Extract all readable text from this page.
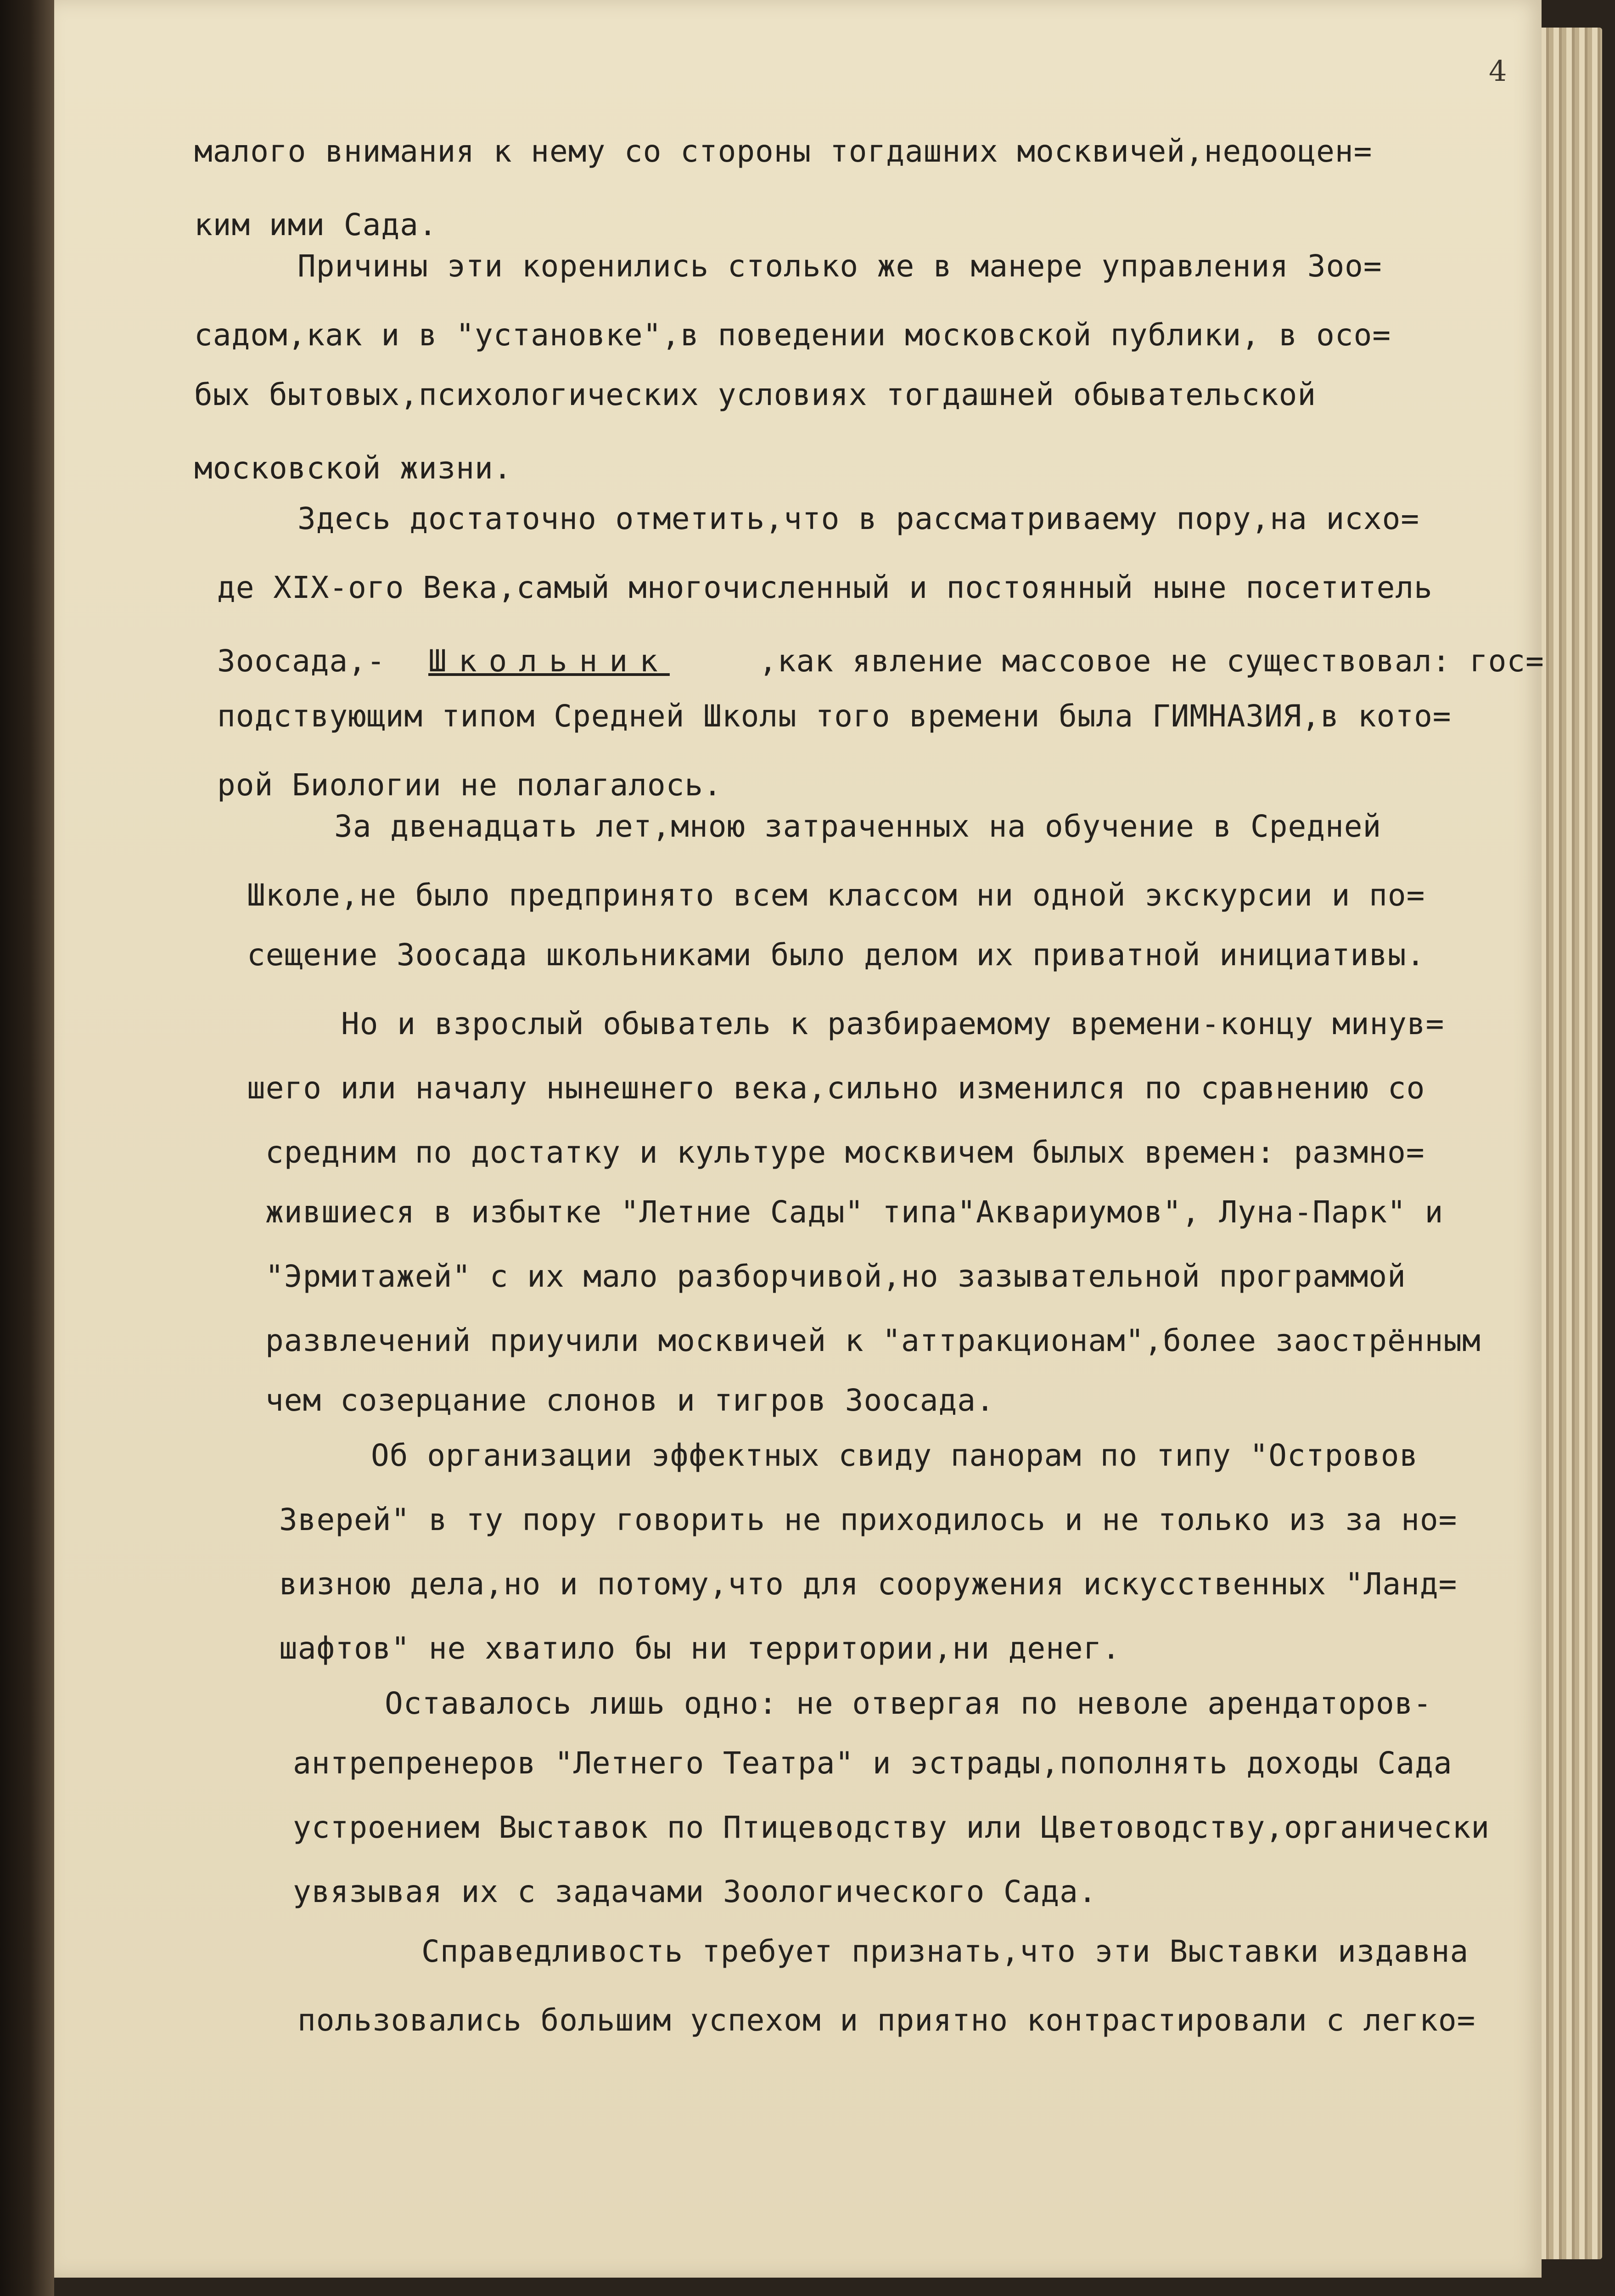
4

малого внимания к нему со стороны тогдашних москвичей,недооцен=

ким ими Сада.

Причины эти коренились столько же в манере управления Зоо=

садом,как и в "установке",в поведении московской публики, в осо=

бых бытовых,психологических условиях тогдашней обывательской

московской жизни.

Здесь достаточно отметить,что в рассматриваему пору,на исхо=

де XIX-ого Века,самый многочисленный и постоянный ныне посетитель

Зоосада,- Школьник	,как явление массовое не существовал: гос=

подствующим типом Средней Школы того времени была ГИМНАЗИЯ,в кото=

рой Биологии не полагалось.

За двенадцать лет,мною затраченных на обучение в Средней

Школе,не было предпринято всем классом ни одной экскурсии и по=

сещение Зоосада школьниками было делом их приватной инициативы.

Но и взрослый обыватель к разбираемому времени-концу минув=

шего или началу нынешнего века,сильно изменился по сравнению со

средним по достатку и культуре москвичем былых времен: размно=

жившиеся в избытке "Летние Сады" типа"Аквариумов", Луна-Парк" и

"Эрмитажей" с их мало разборчивой,но зазывательной программой

развлечений приучили москвичей к "аттракционам",более заострённым

чем созерцание слонов и тигров Зоосада.

Об организации эффектных свиду панорам по типу "Островов

Зверей" в ту пору говорить не приходилось и не только из за но=

визною дела,но и потому,что для сооружения искусственных "Ланд=

шафтов" не хватило бы ни территории,ни денег.

Оставалось лишь одно: не отвергая по неволе арендаторов-

антрепренеров "Летнего Театра" и эстрады,пополнять доходы Сада

устроением Выставок по Птицеводству или Цветоводству,органически

увязывая их с задачами Зоологического Сада.

Справедливость требует признать,что эти Выставки издавна

пользовались большим успехом и приятно контрастировали с легко=
